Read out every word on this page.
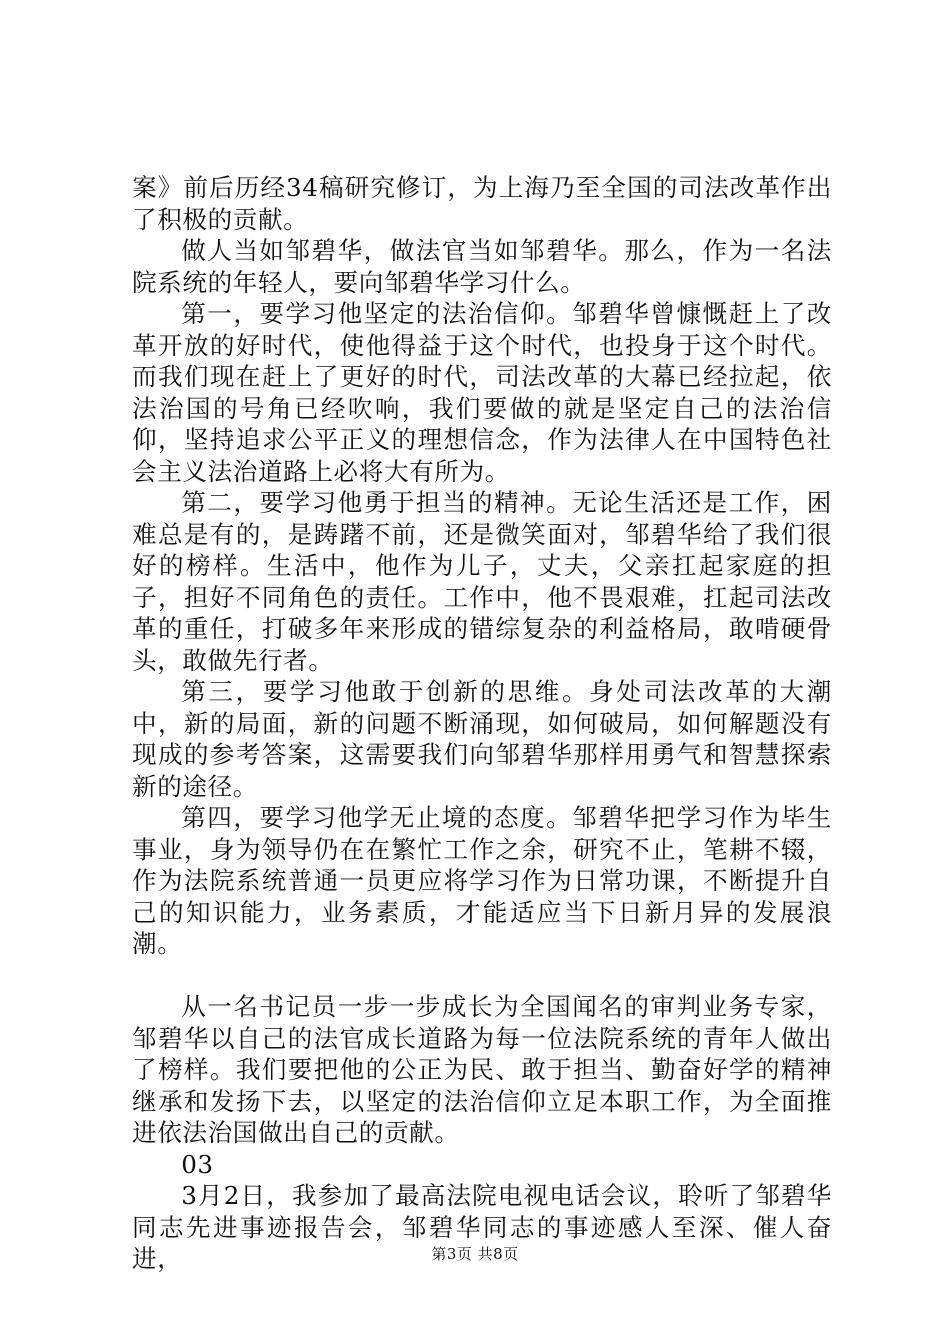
案》前后历经34稿研究修订，为上海乃至全国的司法改革作出了积极的贡献。

做人当如邹碧华，做法官当如邹碧华。那么，作为一名法院系统的年轻人，要向邹碧华学习什么。

第一，要学习他坚定的法治信仰。邹碧华曾慷慨赶上了改革开放的好时代，使他得益于这个时代，也投身于这个时代。而我们现在赶上了更好的时代，司法改革的大幕已经拉起，依法治国的号角已经吹响，我们要做的就是坚定自己的法治信仰，坚持追求公平正义的理想信念，作为法律人在中国特色社会主义法治道路上必将大有所为。

第二，要学习他勇于担当的精神。无论生活还是工作，困难总是有的，是踌躇不前，还是微笑面对，邹碧华给了我们很好的榜样。生活中，他作为儿子，丈夫，父亲扛起家庭的担子，担好不同角色的责任。工作中，他不畏艰难，扛起司法改革的重任，打破多年来形成的错综复杂的利益格局，敢啃硬骨头，敢做先行者。

第三，要学习他敢于创新的思维。身处司法改革的大潮中，新的局面，新的问题不断涌现，如何破局，如何解题没有现成的参考答案，这需要我们向邹碧华那样用勇气和智慧探索新的途径。

第四，要学习他学无止境的态度。邹碧华把学习作为毕生事业，身为领导仍在在繁忙工作之余，研究不止，笔耕不辍，作为法院系统普通一员更应将学习作为日常功课，不断提升自己的知识能力，业务素质，才能适应当下日新月异的发展浪潮。

从一名书记员一步一步成长为全国闻名的审判业务专家，邹碧华以自己的法官成长道路为每一位法院系统的青年人做出了榜样。我们要把他的公正为民、敢于担当、勤奋好学的精神继承和发扬下去，以坚定的法治信仰立足本职工作，为全面推进依法治国做出自己的贡献。

03

3月2日，我参加了最高法院电视电话会议，聆听了邹碧华同志先进事迹报告会，邹碧华同志的事迹感人至深、催人奋进，	第3页 共8页
